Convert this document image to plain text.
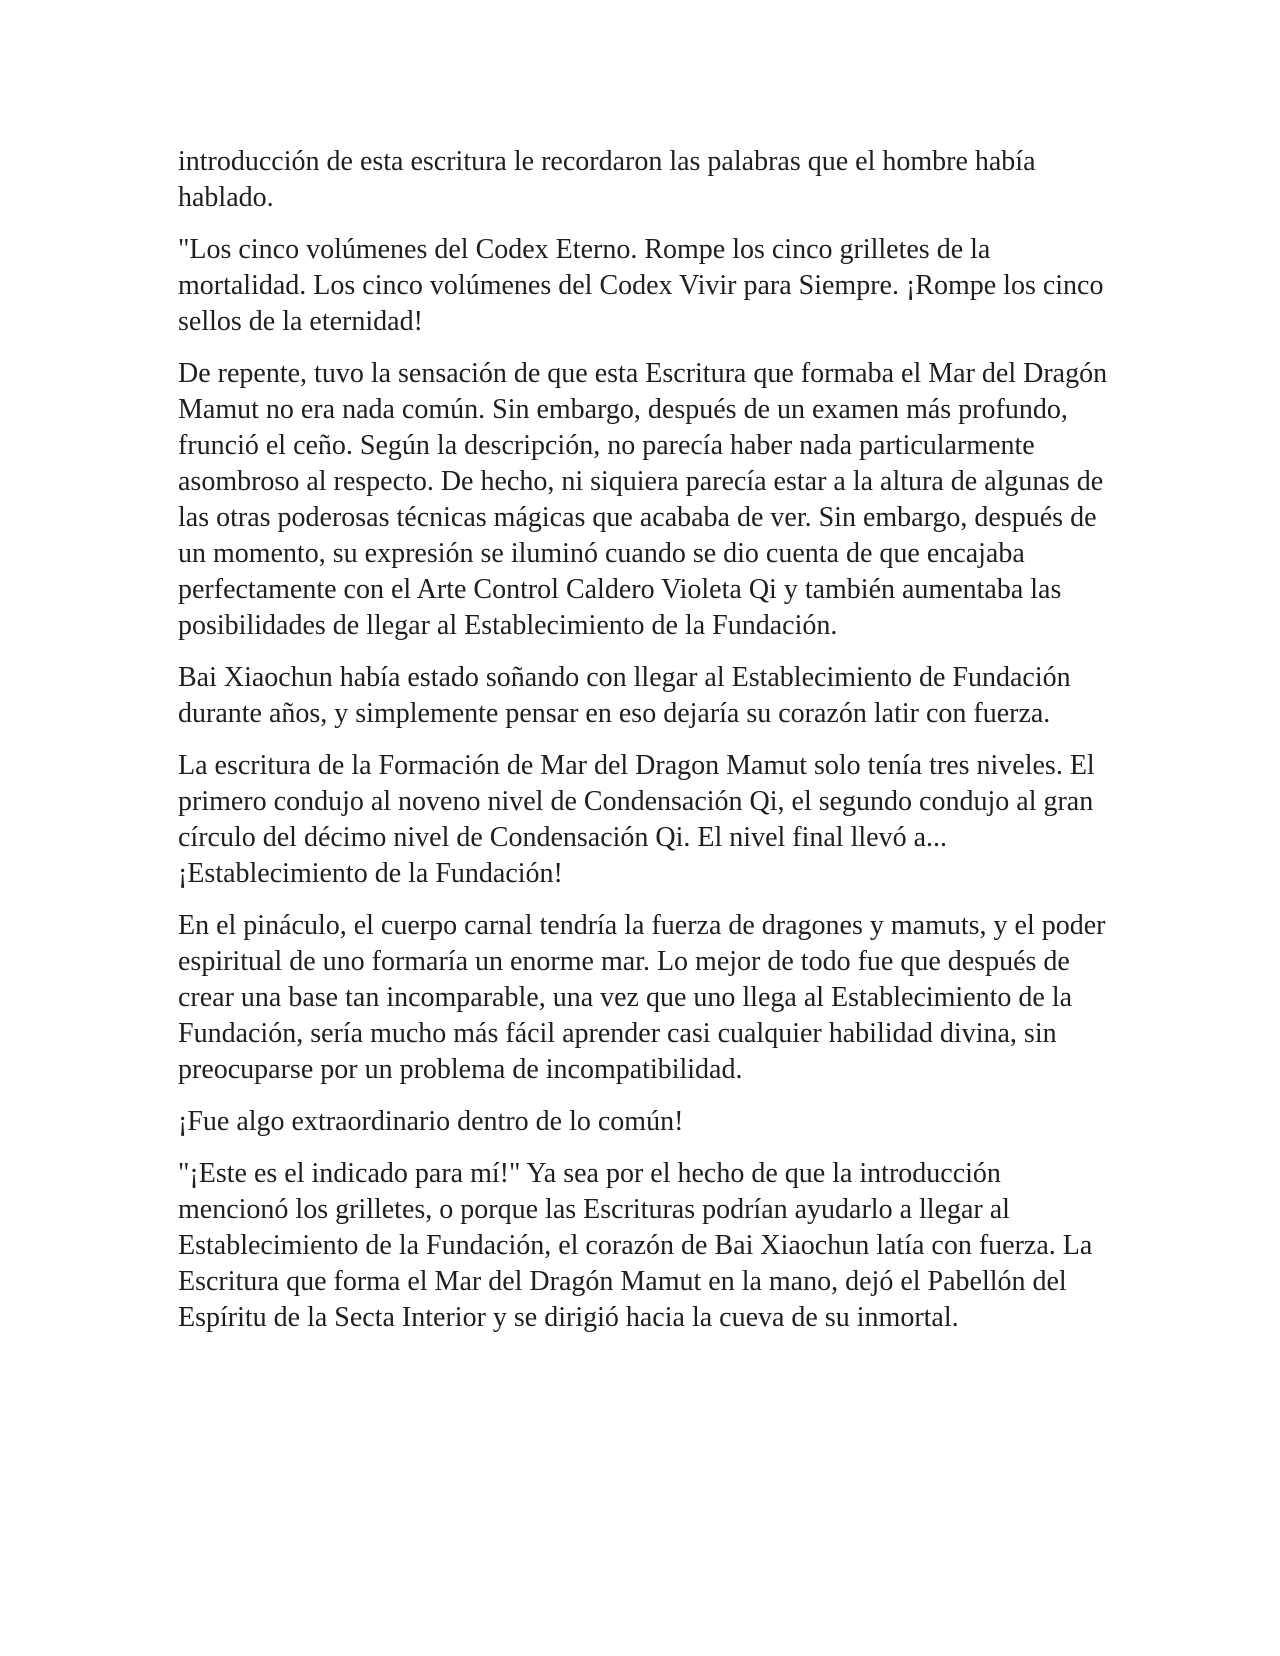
introducción de esta escritura le recordaron las palabras que el hombre había hablado.

"Los cinco volúmenes del Codex Eterno. Rompe los cinco grilletes de la mortalidad. Los cinco volúmenes del Codex Vivir para Siempre. ¡Rompe los cinco sellos de la eternidad!

De repente, tuvo la sensación de que esta Escritura que formaba el Mar del Dragón Mamut no era nada común. Sin embargo, después de un examen más profundo, frunció el ceño. Según la descripción, no parecía haber nada particularmente asombroso al respecto. De hecho, ni siquiera parecía estar a la altura de algunas de las otras poderosas técnicas mágicas que acababa de ver. Sin embargo, después de un momento, su expresión se iluminó cuando se dio cuenta de que encajaba perfectamente con el Arte Control Caldero Violeta Qi y también aumentaba las posibilidades de llegar al Establecimiento de la Fundación.

Bai Xiaochun había estado soñando con llegar al Establecimiento de Fundación durante años, y simplemente pensar en eso dejaría su corazón latir con fuerza.

La escritura de la Formación de Mar del Dragon Mamut solo tenía tres niveles. El primero condujo al noveno nivel de Condensación Qi, el segundo condujo al gran círculo del décimo nivel de Condensación Qi. El nivel final llevó a... ¡Establecimiento de la Fundación!

En el pináculo, el cuerpo carnal tendría la fuerza de dragones y mamuts, y el poder espiritual de uno formaría un enorme mar. Lo mejor de todo fue que después de crear una base tan incomparable, una vez que uno llega al Establecimiento de la Fundación, sería mucho más fácil aprender casi cualquier habilidad divina, sin preocuparse por un problema de incompatibilidad.

¡Fue algo extraordinario dentro de lo común!

"¡Este es el indicado para mí!" Ya sea por el hecho de que la introducción mencionó los grilletes, o porque las Escrituras podrían ayudarlo a llegar al Establecimiento de la Fundación, el corazón de Bai Xiaochun latía con fuerza. La Escritura que forma el Mar del Dragón Mamut en la mano, dejó el Pabellón del Espíritu de la Secta Interior y se dirigió hacia la cueva de su inmortal.
